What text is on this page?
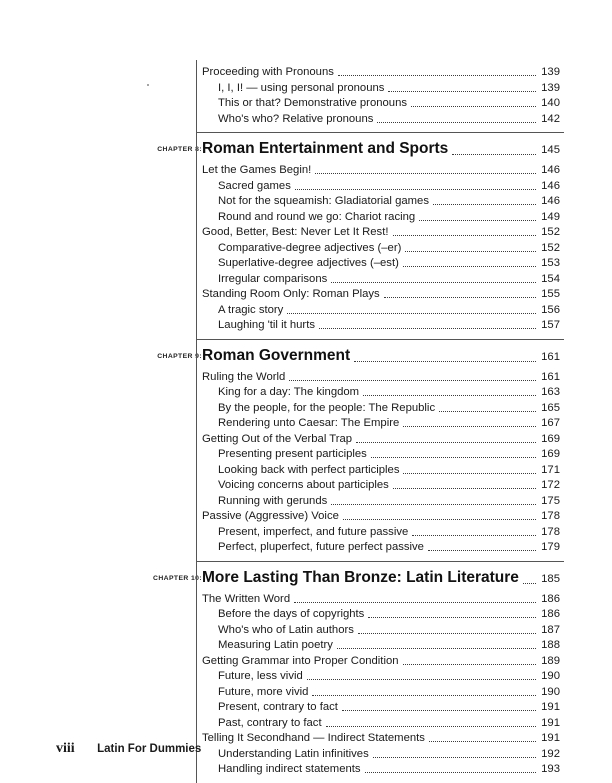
Proceeding with Pronouns	139
I, I, I! — using personal pronouns	139
This or that? Demonstrative pronouns	140
Who's who? Relative pronouns	142
CHAPTER 8: Roman Entertainment and Sports	145
Let the Games Begin!	146
Sacred games	146
Not for the squeamish: Gladiatorial games	146
Round and round we go: Chariot racing	149
Good, Better, Best: Never Let It Rest!	152
Comparative-degree adjectives (–er)	152
Superlative-degree adjectives (–est)	153
Irregular comparisons	154
Standing Room Only: Roman Plays	155
A tragic story	156
Laughing 'til it hurts	157
CHAPTER 9: Roman Government	161
Ruling the World	161
King for a day: The kingdom	163
By the people, for the people: The Republic	165
Rendering unto Caesar: The Empire	167
Getting Out of the Verbal Trap	169
Presenting present participles	169
Looking back with perfect participles	171
Voicing concerns about participles	172
Running with gerunds	175
Passive (Aggressive) Voice	178
Present, imperfect, and future passive	178
Perfect, pluperfect, future perfect passive	179
CHAPTER 10: More Lasting Than Bronze: Latin Literature 185
The Written Word	186
Before the days of copyrights	186
Who's who of Latin authors	187
Measuring Latin poetry	188
Getting Grammar into Proper Condition	189
Future, less vivid	190
Future, more vivid	190
Present, contrary to fact	191
Past, contrary to fact	191
Telling It Secondhand — Indirect Statements	191
Understanding Latin infinitives	192
Handling indirect statements	193
viii Latin For Dummies
